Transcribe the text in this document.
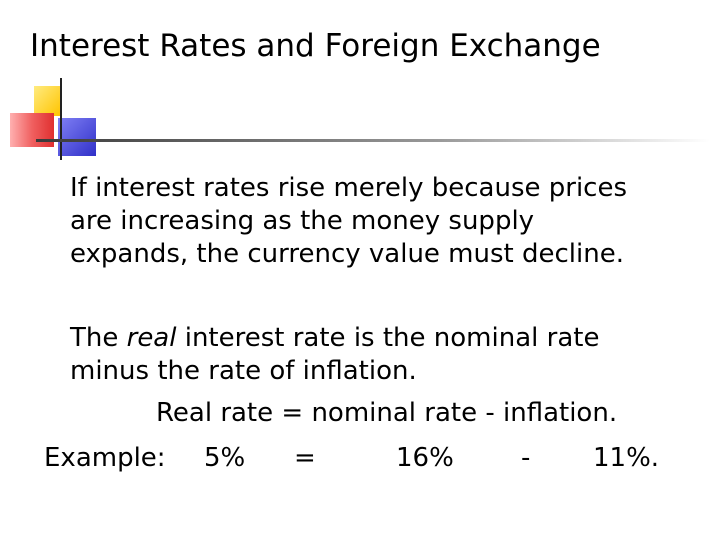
Interest Rates and Foreign Exchange
If interest rates rise merely because prices
are increasing as the money supply
expands, the currency value must decline.
The real interest rate is the nominal rate
minus the rate of inflation.
Real rate = nominal rate - inflation.
Example: 5% =	16%	- 11%.
